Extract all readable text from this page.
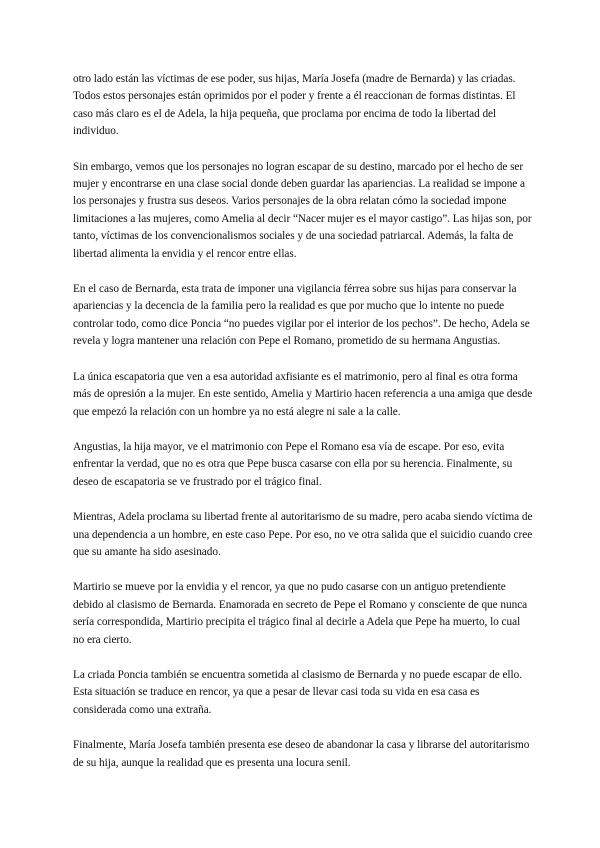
otro lado están las víctimas de ese poder, sus hijas, María Josefa (madre de Bernarda) y las criadas. Todos estos personajes están oprimidos por el poder y frente a él reaccionan de formas distintas. El caso más claro es el de Adela, la hija pequeña, que proclama por encima de todo la libertad del individuo.

Sin embargo, vemos que los personajes no logran escapar de su destino, marcado por el hecho de ser mujer y encontrarse en una clase social donde deben guardar las apariencias. La realidad se impone a los personajes y frustra sus deseos. Varios personajes de la obra relatan cómo la sociedad impone limitaciones a las mujeres, como Amelia al decir “Nacer mujer es el mayor castigo”. Las hijas son, por tanto, víctimas de los convencionalismos sociales y de una sociedad patriarcal. Además, la falta de libertad alimenta la envidia y el rencor entre ellas.

En el caso de Bernarda, esta trata de imponer una vigilancia férrea sobre sus hijas para conservar la apariencias y la decencia de la familia pero la realidad es que por mucho que lo intente no puede controlar todo, como dice Poncia “no puedes vigilar por el interior de los pechos”. De hecho, Adela se revela y logra mantener una relación con Pepe el Romano, prometido de su hermana Angustias.

La única escapatoria que ven a esa autoridad axfisiante es el matrimonio, pero al final es otra forma más de opresión a la mujer. En este sentido, Amelia y Martirio hacen referencia a una amiga que desde que empezó la relación con un hombre ya no está alegre ni sale a la calle.

Angustias, la hija mayor, ve el matrimonio con Pepe el Romano esa vía de escape. Por eso, evita enfrentar la verdad, que no es otra que Pepe busca casarse con ella por su herencia. Finalmente, su deseo de escapatoria se ve frustrado por el trágico final.

Mientras, Adela proclama su libertad frente al autoritarismo de su madre, pero acaba siendo víctima de una dependencia a un hombre, en este caso Pepe. Por eso, no ve otra salida que el suicidio cuando cree que su amante ha sido asesinado.

Martirio se mueve por la envidia y el rencor, ya que no pudo casarse con un antiguo pretendiente debido al clasismo de Bernarda. Enamorada en secreto de Pepe el Romano y consciente de que nunca sería correspondida, Martirio precipita el trágico final al decirle a Adela que Pepe ha muerto, lo cual no era cierto.

La criada Poncia también se encuentra sometida al clasismo de Bernarda y no puede escapar de ello. Esta situación se traduce en rencor, ya que a pesar de llevar casi toda su vida en esa casa es considerada como una extraña.

Finalmente, María Josefa también presenta ese deseo de abandonar la casa y librarse del autoritarismo de su hija, aunque la realidad que es presenta una locura senil.
